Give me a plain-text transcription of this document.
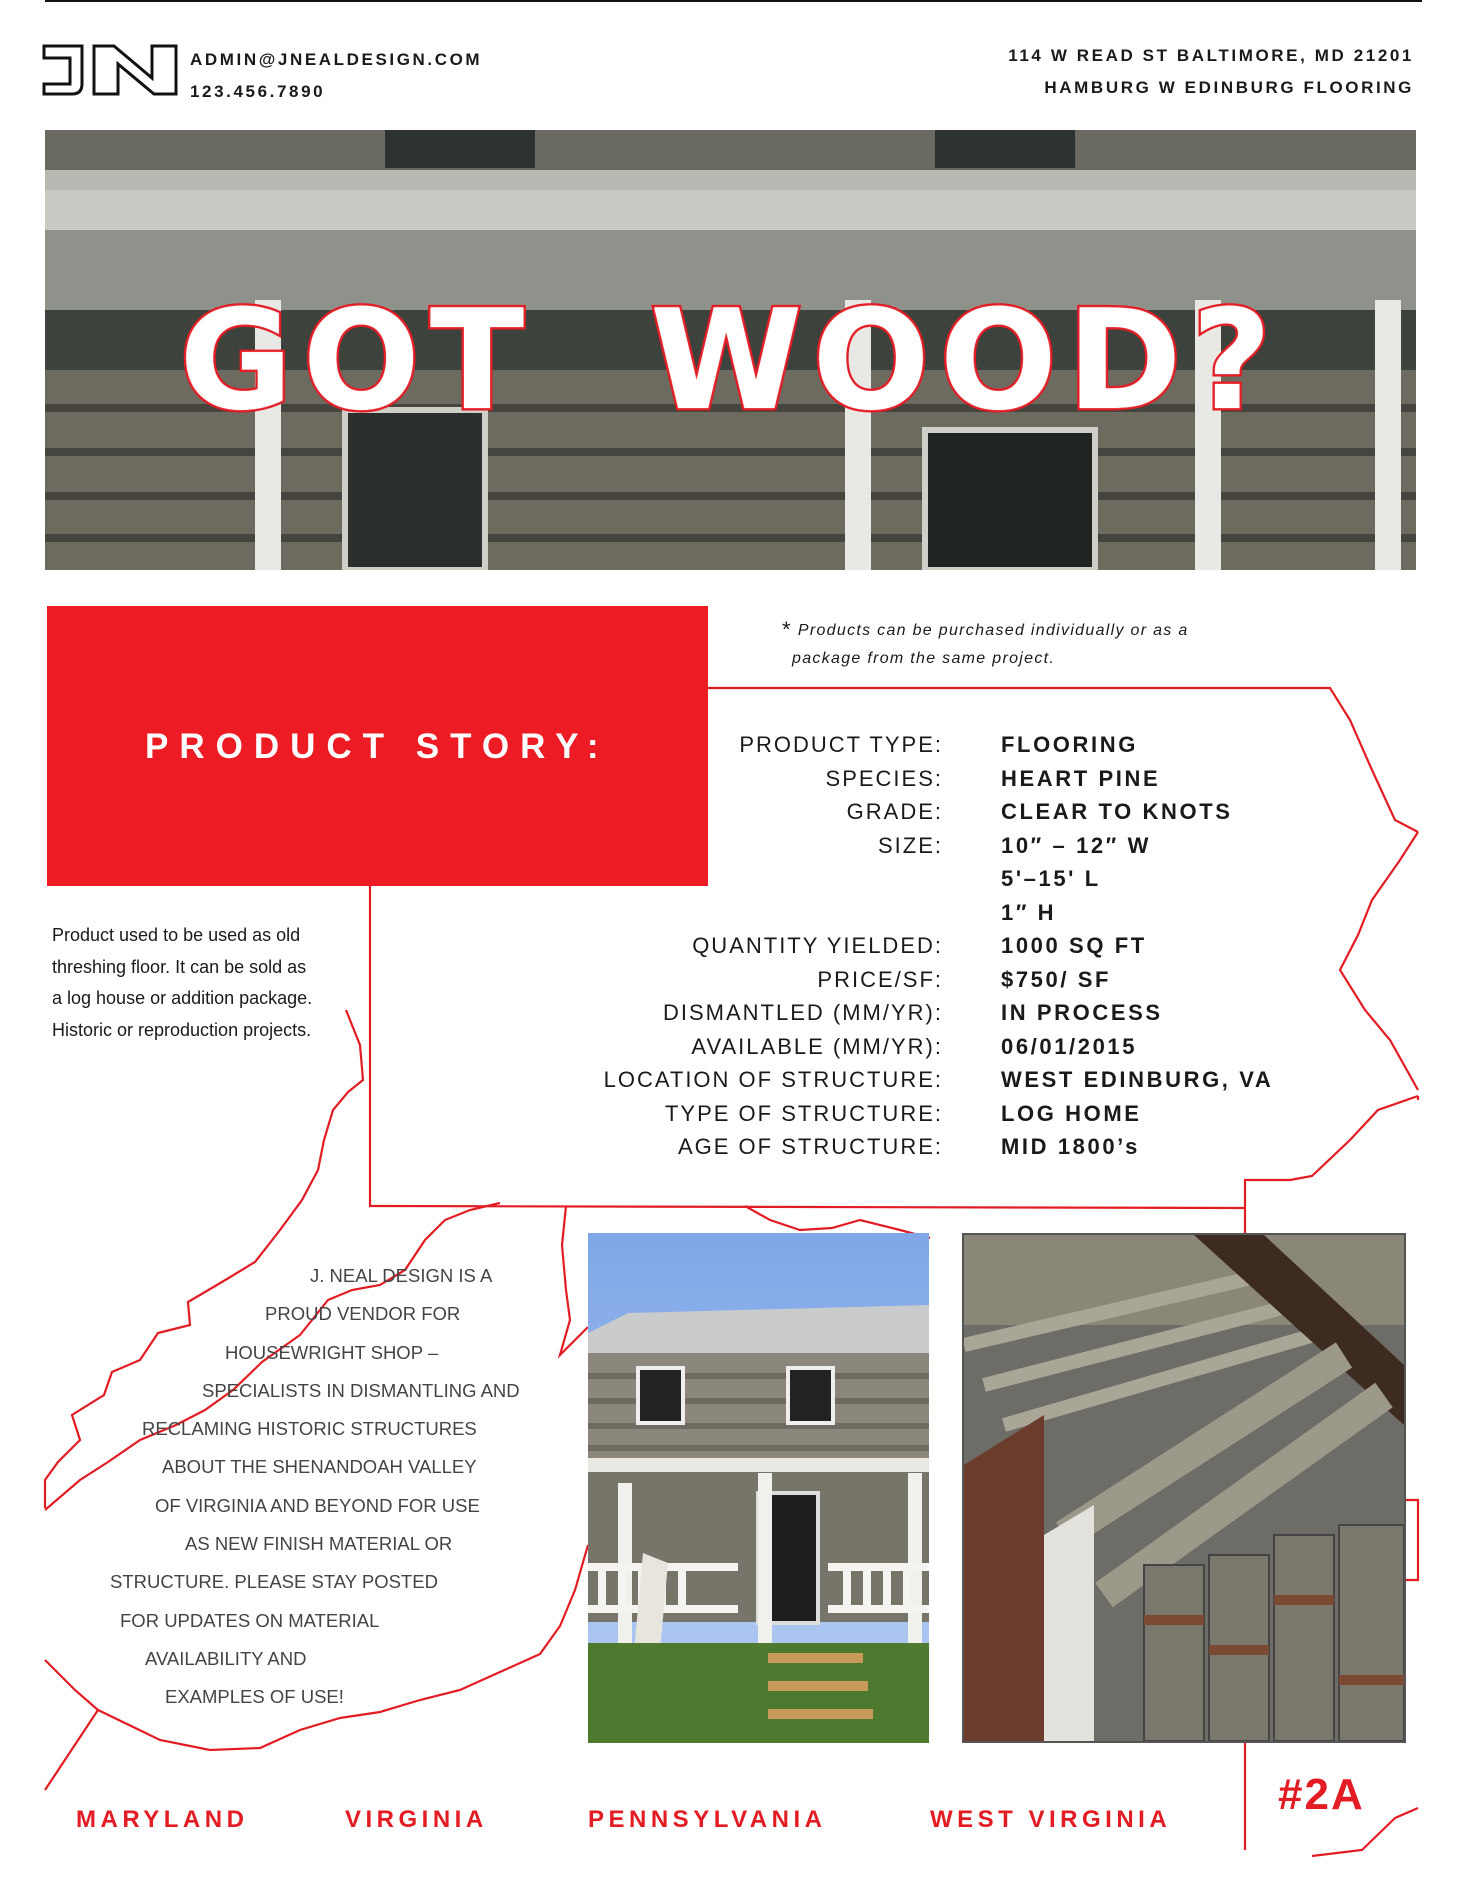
ADMIN@JNEALDESIGN.COM
123.456.7890
114 W READ ST BALTIMORE, MD 21201
HAMBURG W EDINBURG FLOORING
GOT  WOOD?
PRODUCT STORY:
* Products can be purchased individually or as a
package from the same project.
PRODUCT TYPE:	FLOORING
SPECIES:	HEART PINE
GRADE:	CLEAR TO KNOTS
SIZE:	10″ – 12″ W
5'–15' L
1″ H
QUANTITY YIELDED:	1000 SQ FT
PRICE/SF:	$750/ SF
DISMANTLED (MM/YR):	IN PROCESS
AVAILABLE (MM/YR):	06/01/2015
LOCATION OF STRUCTURE:	WEST EDINBURG, VA
TYPE OF STRUCTURE:	LOG HOME
AGE OF STRUCTURE:	MID 1800’s
Product used to be used as old
threshing floor. It can be sold as
a log house or addition package.
Historic or reproduction projects.
J. NEAL DESIGN IS A
PROUD VENDOR FOR
HOUSEWRIGHT SHOP –
SPECIALISTS IN DISMANTLING AND
RECLAMING HISTORIC STRUCTURES
ABOUT THE SHENANDOAH VALLEY
OF VIRGINIA AND BEYOND FOR USE
AS NEW FINISH MATERIAL OR
STRUCTURE. PLEASE STAY POSTED
FOR UPDATES ON MATERIAL
AVAILABILITY AND
EXAMPLES OF USE!
MARYLAND	VIRGINIA	PENNSYLVANIA	WEST VIRGINIA
#2A
